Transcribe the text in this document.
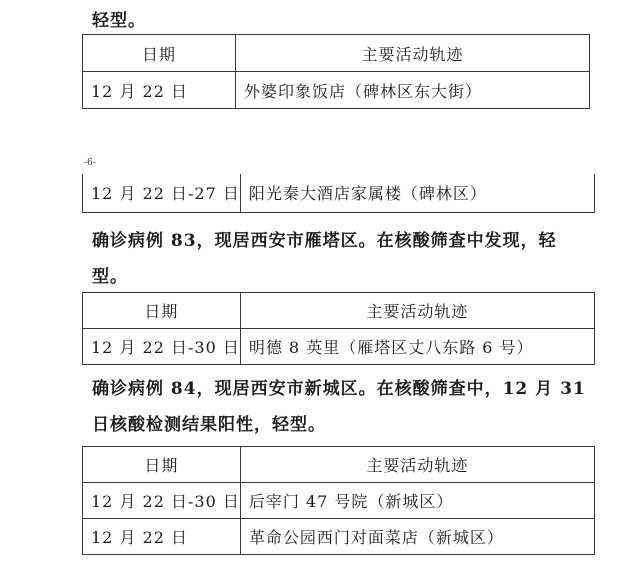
轻型。
日期	主要活动轨迹
12 月 22 日	外婆印象饭店（碑林区东大街）
-6-
12 月 22 日-27 日	阳光秦大酒店家属楼（碑林区）
确诊病例 83，现居西安市雁塔区。在核酸筛查中发现，轻
型。
日期	主要活动轨迹
12 月 22 日-30 日	明德 8 英里（雁塔区丈八东路 6 号）
确诊病例 84，现居西安市新城区。在核酸筛查中，12 月 31
日核酸检测结果阳性，轻型。
日期	主要活动轨迹
12 月 22 日-30 日	后宰门 47 号院（新城区）
12 月 22 日	革命公园西门对面菜店（新城区）
